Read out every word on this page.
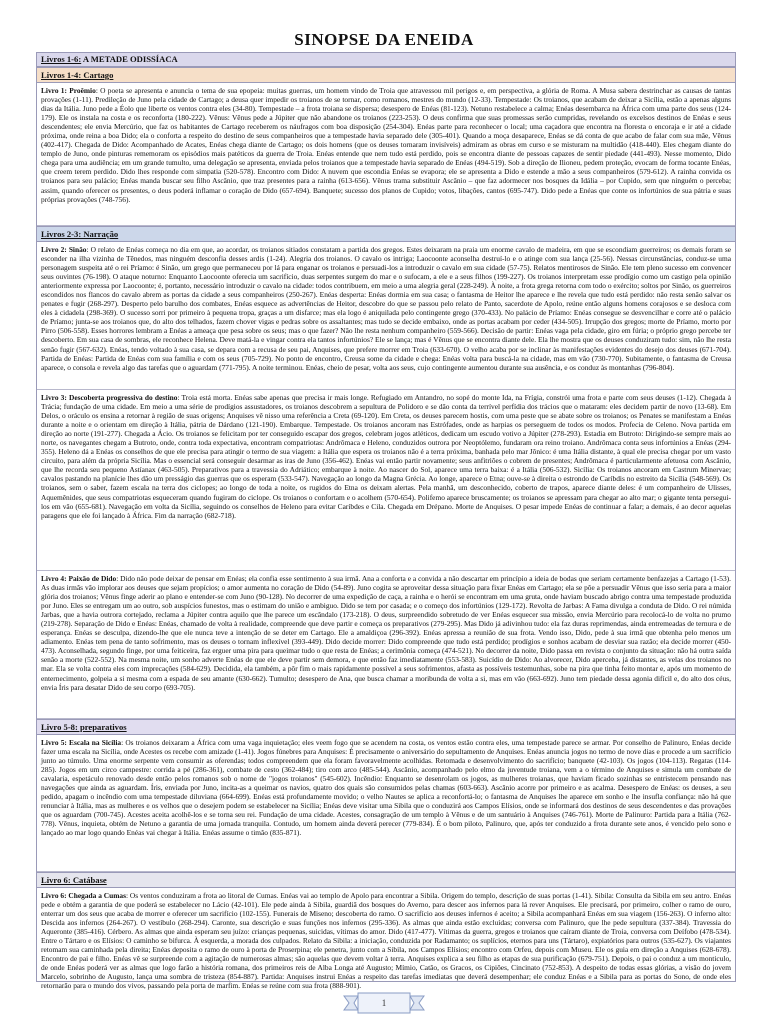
SINOPSE DA ENEIDA
Livros 1-6: A METADE ODISSÍACA
Livros 1-4: Cartago
Livro 1: Proêmio: O poeta se apresenta e anuncia o tema de sua epopeia: muitas guerras, um homem vindo de Troia que atravessou mil perigos e, em perspectiva, a glória de Roma. A Musa sabera destrinchar as causas de tantas provações (1-11). Predileção de Juno pela cidade de Cartago; a deusa quer impedir os troianos de se tornar, como romanos, mestres do mundo (12-33). Tempestade: Os troianos, que acabam de deixar a Sicília, estão a apenas alguns dias da Itália. Juno pede a Éolo que liberte os ventos contra eles (34-80). Tempestade – a frota troiana se dispersa; desespero de Enéas (81-123). Netuno restabelece a calma; Enéas desembarca na África com uma parte dos seus (124-179). Ele os instala na costa e os reconforta (180-222). Vênus: Vênus pede a Júpiter que não abandone os troianos (223-253). O deus confirma que suas promessas serão cumpridas, revelando os excelsos destinos de Enéas e seus descendentes; ele envia Mercúrio, que faz os habitantes de Cartago receberem os náufragos com boa disposição (254-304). Enéas parte para reconhecer o local; uma caçadora que encontra na floresta o encoraja e ir até a cidade próxima, onde reina a boa Dido; ela o conforta a respeito do destino de seus companheiros que a tempestade havia separado dele (305-401). Quando a moça desaparece, Enéas se dá conta de que acabo de falar com sua mãe, Vênus (402-417). Chegada de Dido: Acompanhado de Acates, Enéas chega diante de Cartago; os dois homens (que os deuses tornaram invisíveis) admiram as obras em curso e se misturam na multidão (418-440). Eles chegam diante do templo de Juno, onde pinturas rememoram os episódios mais patéticos da guerra de Troia. Enéas entende que nem tudo está perdido, pois se encontra diante de pessoas capazes de sentir piedade (441-493). Nesse momento, Dido chega para uma audiência; em um grande tumulto, uma delegação se apresenta, enviada pelos troianos que a tempestade havia separado de Enéas (494-519). Sob a direção de Ilioneu, pedem proteção, evocam de forma tocante Enéas, que creem terem perdido. Dido lhes responde com simpatia (520-578). Encontro com Dido: A nuvem que escondia Enéas se evapora; ele se apresenta a Dido e estende a mão a seus companheiros (579-612). A rainha convida os troianos para seu palácio; Enéas manda buscar seu filho Ascânio, que traz presentes para a rainha (613-656). Vênus trama substituir Ascânio – que faz adormecer nos bosques da Idália – por Cupido, sem que ninguém o perceba; assim, quando oferecer os presentes, o deus poderá inflamar o coração de Dido (657-694). Banquete; sucesso dos planos de Cupido; votos, libações, cantos (695-747). Dido pede a Enéas que conte os infortúnios de sua pátria e suas próprias provações (748-756).
Livros 2-3: Narração
Livro 2: Sinão: O relato de Enéas começa no dia em que, ao acordar, os troianos sitiados constatam a partida dos gregos. Estes deixaram na praia um enorme cavalo de madeira, em que se escondiam guerreiros; os demais foram se esconder na ilha vizinha de Tênedos, mas ninguém desconfia desses ardis (1-24). Alegria dos troianos. O cavalo os intriga; Laocoonte aconselha destruí-lo e o atinge com sua lança (25-56). Nessas circunstâncias, conduz-se uma personagem suspeita até o rei Príamo: é Sinão, um grego que permaneceu por lá para enganar os troianos e persuadi-los a introduzir o cavalo em sua cidade (57-75). Relatos mentirosos de Sinão. Ele tem pleno sucesso em convencer seus ouvintes (76-198). O ataque noturno: Enquanto Laocoonte oferecia um sacrifício, duas serpentes surgem do mar e o sufocam, a ele e a seus filhos (199-227). Os troianos interpretam esse prodígio como um castigo pela opinião anteriormente expressa por Laocoonte; é, portanto, necessário introduzir o cavalo na cidade: todos contribuem, em meio a uma alegria geral (228-249). À noite, a frota grega retorna com todo o exército; soltos por Sinão, os guerreiros escondidos nos flancos do cavalo abrem as portas da cidade a seus companheiros (250-267). Enéas desperta: Enéas dormia em sua casa; o fantasma de Heitor lhe aparece e lhe revela que tudo está perdido: não resta senão salvar os penates e fugir (268-297). Desperto pelo barulho dos combates, Enéas esquece as advertências de Heitor, descobre do que se passou pelo relato de Panto, sacerdote de Apolo, reúne então alguns homens corajosos e se desloca com eles à cidadela (298-369). O sucesso sorri por primeiro à pequena tropa, graças a um disfarce; mas ela logo é aniquilada pelo contingente grego (370-433). No palácio de Príamo: Enéas consegue se desvencilhar e corre até o palácio de Príamo; junta-se aos troianos que, do alto dos telhados, fazem chover vigas e pedras sobre os assaltantes; mas tudo se decide embaixo, onde as portas acabam por ceder (434-505). Irrupção dos gregos; morte de Príamo, morto por Pirro (506-558). Esses horrores lembram a Enéas a ameaça que pesa sobre os seus; mas o que fazer? Não lhe resta nenhum companheiro (559-566). Decisão de partir: Enéas vaga pela cidade, giro em fúria; o próprio grego percebe ter descoberto. Em sua casa de sombras, ele reconhece Helena. Deve matá-la e vingar contra ela tantos infortúnios? Ele se lança; mas é Vênus que se encontra diante dele. Ela lhe mostra que os deuses conduziram tudo: sim, não lhe resta senão fugir (567-632). Enéas, tendo voltado à sua casa, se depara com a recusa de seu pai, Anquises, que prefere morrer em Troia (633-670). O velho acaba por se inclinar às manifestações evidentes do desejo dos deuses (671-704). Partida de Enéas: Partida de Enéas com sua família e com os seus (705-729). No ponto de encontro, Creusa some da cidade e chega: Enéas volta para buscá-la na cidade, mas em vão (730-770). Subitamente, o fantasma de Creusa aparece, o consola e revela algo das tarefas que o aguardam (771-795). A noite terminou. Enéas, cheio de pesar, volta aos seus, cujo contingente aumentou durante sua ausência, e os conduz às montanhas (796-804).
Livro 3: Descoberta progressiva do destino: Troia está morta. Enéas sabe apenas que precisa ir mais longe. Refugiado em Antandro, no sopé do monte Ida, na Frígia, constrói uma frota e parte com seus deuses (1-12). Chegada à Trácia; fundação de uma cidade. Em meio a uma série de prodígios assustadores, os troianos descobrem a sepultura de Polidoro e se dão conta da terrível perfídia dos trácios que o mataram: eles decidem partir de novo (13-68). Em Delos, o oráculo os ensina a retornar à região de suas origens; Anquises vê nisso uma referência a Creta (69-120). Em Creta, os deuses parecem hostis, com uma peste que se abate sobre os troianos; os Penates se manifestam a Enéas durante a noite e o orientam em direção à Itália, pátria de Dárdano (121-190). Embarque. Tempestade. Os troianos ancoram nas Estrófades, onde as harpias os perseguem de todos os modos. Profecia de Celeno. Nova partida em direção ao norte (191-277). Chegada a Ácio. Os troianos se felicitam por ter conseguido escapar dos gregos, celebram jogos atléticos, dedicam um escudo votivo a Júpiter (278-293). Estadia em Butroto: Dirigindo-se sempre mais ao norte, os navegantes chegam a Butroto, onde, contra toda expectativa, encontram compatriotas: Andrômaca e Heleno, conduzidos outrora por Neoptólemo, fundaram ora reino troiano. Andrômaca conta seus infortúnios a Enéas (294-355). Heleno dá a Enéas os conselhos de que ele precisa para atingir o termo de sua viagem: a Itália que espera os troianos não é a terra próxima, banhada pelo mar Jônico: é uma Itália distante, à qual ele precisa chegar por um vasto circuito, para além da própria Sicília. Mas o essencial será conseguir desarmar as iras de Juno (356-462). Enéas vai então partir novamente; seus anfitriões o cobrem de presentes; Andrômaca é particularmente afetuosa com Ascânio, que lhe recorda seu pequeno Astíanax (463-505). Preparativos para a travessia do Adriático; embarque à noite. Ao nascer do Sol, aparece uma terra baixa: é a Itália (506-532). Sicília: Os troianos ancoram em Castrum Minervae; cavalos pastando na planície lhes dão um presságio das guerras que os esperam (533-547). Navegação ao longo da Magna Grécia. Ao longe, aparece o Etna; ouve-se à direita o estrondo de Caríbdis no estreito da Sicília (548-569). Os troianos, sem o saber, fazem escala na terra dos ciclopes; ao longo de toda a noite, os rugidos do Etna os deixam alertas. Pela manhã, um desconhecido, coberto de trapos, aparece diante deles: é um companheiro de Ulisses, Aquemênides, que seus compatriotas esqueceram quando fugiram do ciclope. Os troianos o confortam e o acolhem (570-654). Polifemo aparece bruscamente; os troianos se apressam para chegar ao alto mar; o gigante tenta persegui-los em vão (655-681). Navegação em volta da Sicília, seguindo os conselhos de Heleno para evitar Caríbdes e Cila. Chegada em Drépano. Morte de Anquises. O pesar impede Enéas de continuar a falar; a demais, é ao decor aquelas paragens que ele foi lançado à África. Fim da narração (682-718).
Livro 4: Paixão de Dido: Dido não pode deixar de pensar em Enéas; ela confia esse sentimento à sua irmã. Ana a conforta e a convida a não descartar em princípio a ideia de bodas que seriam certamente benfazejas a Cartago (1-53). As duas irmãs vão implorar aos deuses que sejam propícios; o amor aumenta no coração de Dido (54-89). Juno cogita se aproveitar dessa situação para fixar Enéas em Cartago; ela se põe a persuadir Vênus que isso seria para a maior glória dos troianos; Vênus finge aderir ao plano e entender-se com Juno (90-128). No decorrer de uma expedição de caça, a rainha e o herói se encontram em uma gruta, onde haviam buscado abrigo contra uma tempestade produzida por Juno. Eles se entregam um ao outro, sob auspícios funestos, mas o estimam do união e ambiguo. Dido se tem por casada; e o começo dos infortúnios (129-172). Revolta de Jarbas: A Fama divulga a conduta de Dido. O rei númida Jarbas, que a havia outrora cortejado, reclama a Júpiter contra aquilo que lhe parece um escândalo (173-218). O deus, surpreendido sobretudo de ver Enéas esquecer sua missão, envia Mercúrio para recolocá-lo de volta no prumo (219-278). Separação de Dido e Enéas: Enéas, chamado de volta à realidade, compreende que deve partir e começa os preparativos (279-295). Mas Dido já adivinhou tudo: ela faz duras reprimendas, ainda entremeadas de ternura e de esperança. Enéas se desculpa, dizendo-lhe que ele nunca teve a intenção de se deter em Cartago. Ele a amaldiçoa (296-392). Enéas apressa a reunião de sua frota. Vendo isso, Dido, pede à sua irmã que obtenha pelo menos um adiamento. Enéas tem pena de tanto sofrimento, mas os deuses o tornam inflexível (393-449). Dido decide morrer: Dido compreende que tudo está perdido; prodígios e sonhos acabam de desviar sua razão; ela decide morrer (450-473). Aconselhada, segundo finge, por uma feiticeira, faz erguer uma pira para queimar tudo o que resta de Enéas; a cerimônia começa (474-521). No decorrer da noite, Dido passa em revista o conjunto da situação: não há outra saída senão a morte (522-552). Na mesma noite, um sonho adverte Enéas de que ele deve partir sem demora, e que então faz imediatamente (553-583). Suicídio de Dido: Ao alvorecer, Dido aperceba, já distantes, as velas dos troianos no mar. Ela se volta contra eles com imprecações (584-629). Decidida, ela também, a pôr fim o mais rapidamente possível a seus sofrimentos, afasta as possíveis testemunhas, sobe na pira que tinha feito montar e, após um momento de enternecimento, golpeia a si mesma com a espada de seu amante (630-662). Tumulto; desespero de Ana, que busca chamar a moribunda de volta a si, mas em vão (663-692). Juno tem piedade dessa agonia difícil e, do alto dos céus, envia Íris para desatar Dido de seu corpo (693-705).
Livro 5-8: preparativos
Livro 5: Escala na Sicília: Os troianos deixaram a África com uma vaga inquietação; eles veem fogo que se acendem na costa, os ventos estão contra eles, uma tempestade parece se armar. Por conselho de Palinuro, Enéas decide fazer uma escala na Sicília, onde Acestes os recebe com amizade (1-41). Jogos fúnebres para Anquises: É precisamente o aniversário do sepultamento de Anquises. Enéas anuncia jogos no termo de nove dias e procede a um sacrifício junto ao túmulo. Uma enorme serpente vem consumir as oferendas; todos compreendem que ela foram favoravelmente acolhidas. Retomada e desenvolvimento do sacrifício; banquete (42-103). Os jogos (104-113). Regatas (114-285). Jogos em um circo campestre: corrida a pé (286-361), combate de cesto (362-484); tiro com arco (485-544). Ascânio, acompanhado pelo elmo da juventude troiana, vem a o término de Anquises e simula um combate de cavalaria, espetáculo renovado desde então pelos romanos sob o nome de "jogos troianos" (545-602). Incêndio: Enquanto se desenrolam os jogos, as mulheres troianas, que haviam ficado sozinhas se entristecem pensando nas navegações que ainda as aguardam. Íris, enviada por Juno, incita-as a queimar os navios, quatro dos quais são consumidos pelas chamas (603-663). Ascânio acorre por primeiro e as acalma. Desespero de Enéas: os deuses, a seu pedido, apagam o incêndio com uma tempestade diluviana (664-699). Enéas está profundamente movido; o velho Nautes se aplica a reconfortá-lo; o fantasma de Anquises lhe aparece em sonho e lhe insufla confiança: não há que renunciar à Itália, mas as mulheres e os velhos que o desejem podem se estabelecer na Sicília; Enéas deve visitar uma Sibila que o conduzirá aos Campos Elísios, onde se informará dos destinos de seus descendentes e das provações que os aguardam (700-745). Acestes aceita acolhê-los e se torna seu rei. Fundação de uma cidade. Acestes, consagração de um templo à Vênus e de um santuário à Anquises (746-761). Morte de Palinuro: Partida para a Itália (762-778). Vênus, inquieta, obtém de Netuno a garantia de uma jornada tranquila. Contudo, um homem ainda deverá perecer (779-834). É o bom piloto, Palinuro, que, após ter conduzido a frota durante sete anos, é vencido pelo sono e lançado ao mar logo quando Enéas vai chegar à Itália. Enéas assume o timão (835-871).
Livro 6: Catábase
Livro 6: Chegada a Cumas: Os ventos conduziram a frota ao litoral de Cumas. Enéas vai ao templo de Apolo para encontrar a Sibila. Origem do templo, descrição de suas portas (1-41). Sibila: Consulta da Sibila em seu antro. Enéas pede e obtém a garantia de que poderá se estabelecer no Lácio (42-101). Ele pede ainda à Sibila, guardiã dos bosques do Averno, para descer aos infernos para lá rever Anquises. Ele precisará, por primeiro, colher o ramo de ouro, enterrar um dos seus que acaba de morrer e oferecer um sacrifício (102-155). Funerais de Miseno; descoberta do ramo. O sacrifício aos deuses infernos é aceito; a Sibila acompanhará Enéas em sua viagem (156-263). O inferno alto: Descida aos infernos (264-267). O vestíbulo (268-294). Caronte, sua descrição e suas funções nos infernos (295-336). As almas que ainda estão excluídas; conversa com Palinuro, que lhe pede sepultura (337-384). Travessia do Aqueronte (385-416). Cérbero. As almas que ainda esperam seu juízo: crianças pequenas, suicidas, vítimas do amor. Dido (417-477). Vítimas da guerra, gregos e troianos que caíram diante de Troia, conversa com Deífobo (478-534). Entre o Tártaro e os Elísios: O caminho se bifurca. À esquerda, a morada dos culpados. Relato da Sibila: a iniciação, conduzida por Radamanto; os suplícios, eternos para uns (Tártaro), expiatórios para outros (535-627). Os viajantes retomam sua caminhada pela direita; Enéas deposita o ramo de ouro à porta de Proserpina; ele penetra, junto com a Sibila, nos Campos Elísios; encontro com Orfeu, depois com Museu. Ele os guia em direção a Anquises (628-678). Encontro de pai e filho. Enéas vê se surpreende com a agitação de numerosas almas; são aquelas que devem voltar à terra. Anquises explica a seu filho as etapas de sua purificação (679-751). Depois, o pai o conduz a um monticulo, de onde Enéas poderá ver as almas que logo farão a história romana, dos primeiros reis de Alba Longa até Augusto; Mímio, Catão, os Gracos, os Cipiões, Cincinato (752-853). A despeito de todas essas glórias, a visão do jovem Marcelo, sobrinho de Augusto, lança uma sombra de tristeza (854-887). Partida: Anquises instrui Enéas a respeito das tarefas imediatas que deverá desempenhar; ele conduz Enéas e a Sibila para as portas do Sono, de onde eles retornarão para o mundo dos vivos, passando pela porta de marfim. Enéas se reúne com sua frota (888-901).
1
